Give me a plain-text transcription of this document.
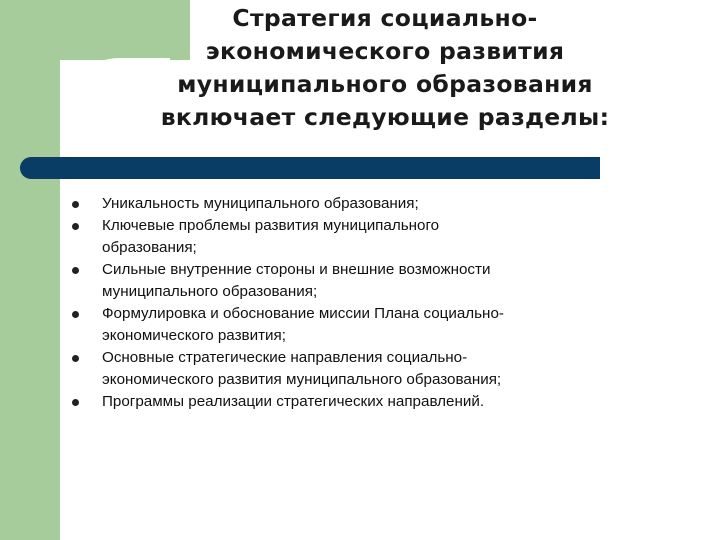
Стратегия социально-
экономического развития
муниципального образования
включает следующие разделы:
Уникальность муниципального образования;
Ключевые проблемы развития муниципального
образования;
Сильные внутренние стороны и внешние возможности
муниципального образования;
Формулировка и обоснование миссии Плана социально-
экономического развития;
Основные стратегические направления социально-
экономического развития муниципального образования;
Программы реализации стратегических направлений.
